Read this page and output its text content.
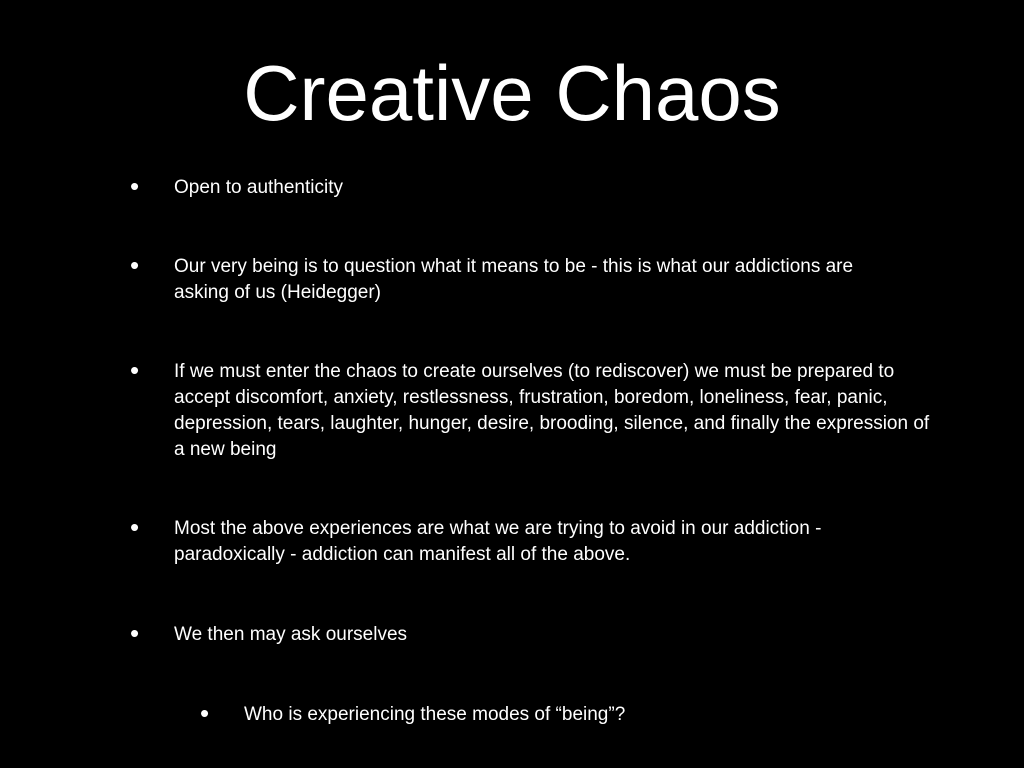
Creative Chaos
• Open to authenticity
• Our very being is to question what it means to be - this is what our addictions are asking of us (Heidegger)
• If we must enter the chaos to create ourselves (to rediscover) we must be prepared to accept discomfort, anxiety, restlessness, frustration, boredom, loneliness, fear, panic, depression, tears, laughter, hunger, desire, brooding, silence, and finally the expression of a new being
• Most the above experiences are what we are trying to avoid in our addiction - paradoxically - addiction can manifest all of the above.
• We then may ask ourselves
• Who is experiencing these modes of “being”?
